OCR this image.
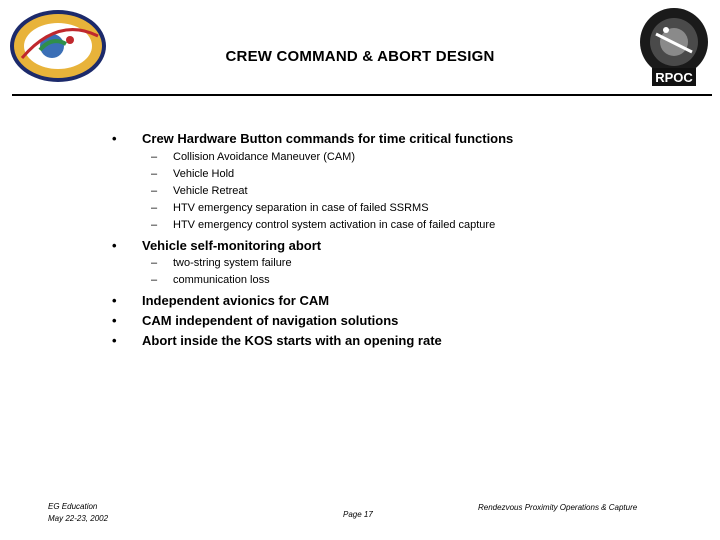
RPOC
CREW COMMAND & ABORT DESIGN
• Crew Hardware Button commands for time critical functions
– Collision Avoidance Maneuver (CAM)
– Vehicle Hold
– Vehicle Retreat
– HTV emergency separation in case of failed SSRMS
– HTV emergency control system activation in case of failed capture
• Vehicle self-monitoring abort
– two-string system failure
– communication loss
• Independent avionics for CAM
• CAM independent of navigation solutions
• Abort inside the KOS starts with an opening rate
EG Education
May 22-23, 2002	Page 17
Rendezvous Proximity Operations & Capture
